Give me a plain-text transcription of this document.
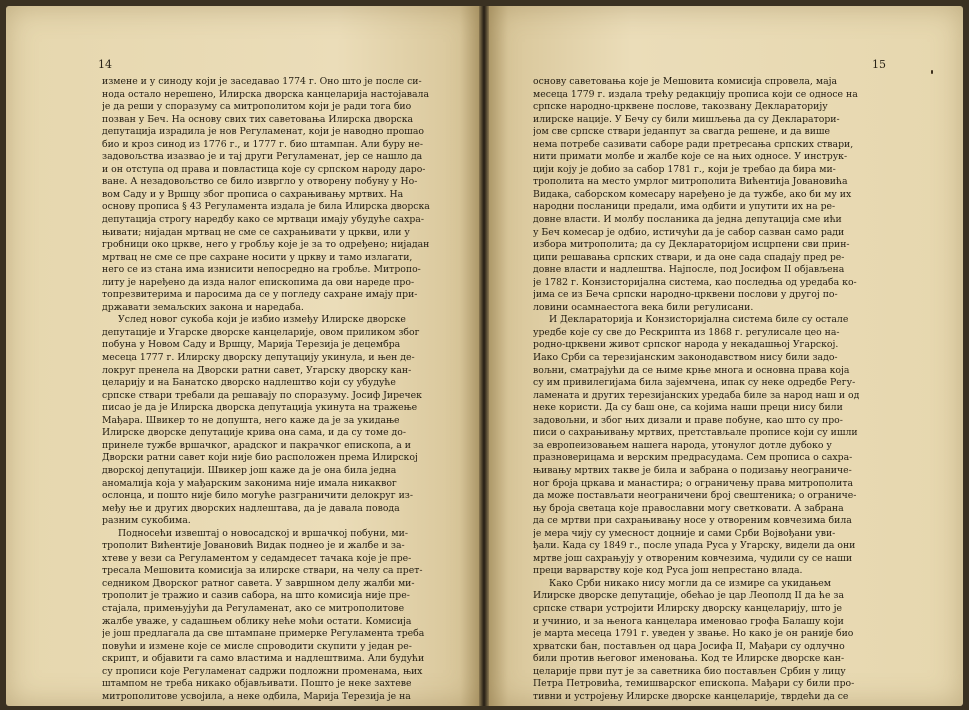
14
измене и у синоду који је заседавао 1774 г. Оно што је после си-
нода остало нерешено, Илирска дворска канцеларија настојавала
је да реши у споразуму са митрополитом који је ради тога био
позван у Беч. На основу свих тих саветовања Илирска дворска
депутација израдила је нов Регуламенат, који је наводно прошао
био и кроз синод из 1776 г., и 1777 г. био штампан. Али буру не-
задовољства изазвао је и тај други Регуламенат, јер се нашло да
и он отступа од права и повластица које су српском народу даро-
ване. А незадовољство се било изврглo у отворену побуну у Но-
вом Саду и у Вршцу због прописа о сахрањивању мртвих. На
основу прописа § 43 Регуламента издала је била Илирска дворска
депутација строгу наредбу како се мртваци имају убудуће сахра-
њивати; нијадан мртвац не сме се сахрањивати у цркви, или у
гробници око цркве, него у гробљу које је за то одређено; нијадан
мртвац не сме се пре сахране носити у цркву и тамо излагати,
него се из стана има изнисити непосредно на гробље. Митропо-
литу је наређено да изда налог епископима да ови нареде про-
топрезвитерима и паросима да се у погледу сахране имају при-
државати земаљских закона и наредаба.
Услед новог сукоба који је избио између Илирске дворске
депутације и Угарске дворске канцеларије, овом приликом због
побуна у Новом Саду и Вршцу, Марија Терезија је децембра
месеца 1777 г. Илирску дворску депутацију укинула, и њен де-
локруг пренела на Дворски ратни савет, Угарску дворску кан-
целарију и на Банатско дворско надлештво који су убудуће
српске ствари требали да решавају по споразуму. Јосиф Јиречек
писао је да је Илирска дворска депутација укинута на тражење
Мађара. Швикер то не допушта, него каже да је за укидање
Илирске дворске депутације крива она сама, и да су томе до-
принеле тужбе вршачког, арадског и пакрачког епископа, а и
Дворски ратни савет који није био расположен према Илирској
дворској депутацији. Швикер још каже да је она била једна
аномалија која у мађарским законима није имала никаквог
ослонца, и пошто није било могуће разграничити делокруг из-
међу ње и других дворских надлештава, да је давала повода
разним сукобима.
Подносећи извештај о новосадској и вршачкој побуни, ми-
трополит Вићентије Јовановић Видак поднео је и жалбе и за-
хтеве у вези са Регуламентом у седамдесет тачака које је пре-
тресала Мешовита комисија за илирске ствари, на челу са прет-
седником Дворског ратног савета. У завршном делу жалби ми-
трополит је тражио и сазив сабора, на што комисија није пре-
стајала, примењујући да Регуламенат, ако се митрополитове
жалбе уваже, у садашњем облику неће моћи остати. Комисија
је још предлагала да све штампане примерке Регуламента треба
повући и измене које се мисле спровoдити скупити у један ре-
скрипт, и објавити га само властима и надлештвима. Али будући
су прописи које Регуламенат садржи подложни променама, њих
штампом не треба никако објављивати. Пошто је неке захтеве
митрополитове усвојила, а неке одбила, Марија Терезија је на
15
основу саветовања које је Мешовита комисија спровела, маја
месеца 1779 г. издала трећу редакцију прописа који се односе на
српске народно-црквене послове, такозвану Деклараторију
илирске нације. У Бечу су били мишљења да су Декларатори-
јом све српске ствари једанпут за свагда решене, и да више
нема потребе сазивати саборе ради претресања српских ствари,
нити примати молбе и жалбе које се на њих односе. У инструк-
цији коју је добио за сабор 1781 г., који је требао да бира ми-
трополита на место умрлог митрополита Вићентија Јовановића
Видака, саборском комесару наређено је да тужбе, ако би му их
народни посланици предали, има одбити и упутити их на ре-
довне власти. И молбу посланика да једна депутација сме ићи
у Беч комесар је одбио, истичући да је сабор сазван само ради
избора митрополита; да су Деклараторијом исцрпени сви прин-
ципи решавања српских ствари, и да оне сада спадају пред ре-
довне власти и надлештва. Најпосле, под Јосифом II објављена
је 1782 г. Конзисторијална система, као последња од уредаба ко-
јима се из Беча српски народно-црквени послови у другој по-
ловини осамнаестога века били регулисани.
И Деклараторија и Конзисторијална система биле су остале
уредбе које су све до Рескрипта из 1868 г. регулисале цео на-
родно-црквени живот српског народа у некадашњој Угарској.
Иако Срби са терезијанским законодавством нису били задо-
вољни, сматрајући да се њиме крње многа и основна права која
су им привилегијама била зајемчена, ипак су неке одредбе Регу-
ламената и других терезијанских уредаба биле за народ наш и од
неке користи. Да су баш оне, са којима наши преци нису били
задовољни, и због њих дизали и праве побуне, као што су про-
писи о сахрањивању мртвих, претстављале прописе који су ишли
за европеизовањем нашега народа, утонулог дотле дубоко у
празноверицама и верским предрасудама. Сем прописа о сахра-
њивању мртвих такве је била и забрана о подизању неограниче-
ног броја цркава и манастира; о ограничењу права митрополита
да може постављати неограничени број свештеника; о ограниче-
њу броја светаца које православни могу светковати. А забрана
да се мртви при сахрањивању носе у отвореним ковчезима била
је мера чију су умесност доцније и сами Срби Војвођани уви-
ђали. Када су 1849 г., после упада Руса у Угарску, видели да они
мртве још сахрањују у отвореним ковчезима, чудили су се наши
преци варварству које код Руса још непрестано влада.
Како Срби никако нису могли да се измире са укидањем
Илирске дворске депутације, обећао је цар Леополд II да ће за
српске ствари устројити Илирску дворску канцеларију, што је
и учинио, и за њенога канцелара именовао грофа Балашу који
је марта месеца 1791 г. уведен у звање. Но како је он раније био
хрватски бан, постављен од цара Јосифа II, Мађари су одлучно
били против његовог именовања. Код те Илирске дворске кан-
целарије први пут је за саветника био постављен Србин у лицу
Петра Петровића, темишварског епископа. Мађари су били про-
тивни и устројењу Илирске дворске канцеларије, тврдећи да се
